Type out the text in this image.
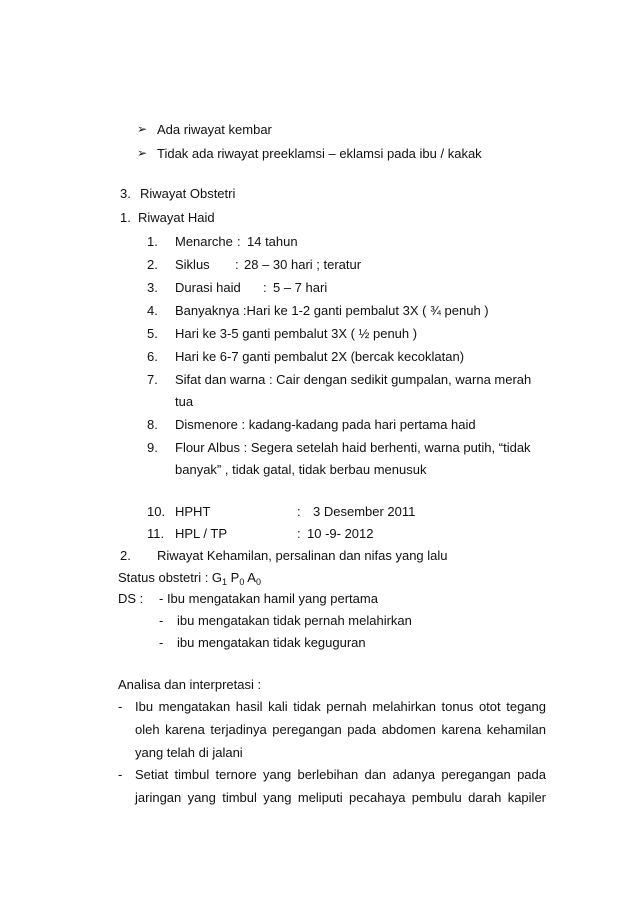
➢ Ada riwayat kembar
➢ Tidak ada riwayat preeklamsi – eklamsi pada ibu / kakak
3. Riwayat Obstetri
1. Riwayat Haid
1. Menarche : 14 tahun
2. Siklus : 28 – 30 hari ; teratur
3. Durasi haid : 5 – 7 hari
4. Banyaknya :Hari ke 1-2 ganti pembalut 3X ( ¾ penuh )
5. Hari ke 3-5 ganti pembalut 3X ( ½ penuh )
6. Hari ke 6-7 ganti pembalut 2X (bercak kecoklatan)
7. Sifat dan warna : Cair dengan sedikit gumpalan, warna merah
tua
8. Dismenore : kadang-kadang pada hari pertama haid
9. Flour Albus : Segera setelah haid berhenti, warna putih, “tidak
banyak” , tidak gatal, tidak berbau menusuk
10. HPHT	: 3 Desember 2011
11. HPL / TP	: 10 -9- 2012
2. Riwayat Kehamilan, persalinan dan nifas yang lalu
Status obstetri : $G_1$ $P_0$ $A_0$
DS : - Ibu mengatakan hamil yang pertama
- ibu mengatakan tidak pernah melahirkan
- ibu mengatakan tidak keguguran
Analisa dan interpretasi :
- Ibu mengatakan hasil kali tidak pernah melahirkan tonus otot tegang
oleh karena terjadinya peregangan pada abdomen karena kehamilan
yang telah di jalani
- Setiat timbul ternore yang berlebihan dan adanya peregangan pada
jaringan yang timbul yang meliputi pecahaya pembulu darah kapiler
